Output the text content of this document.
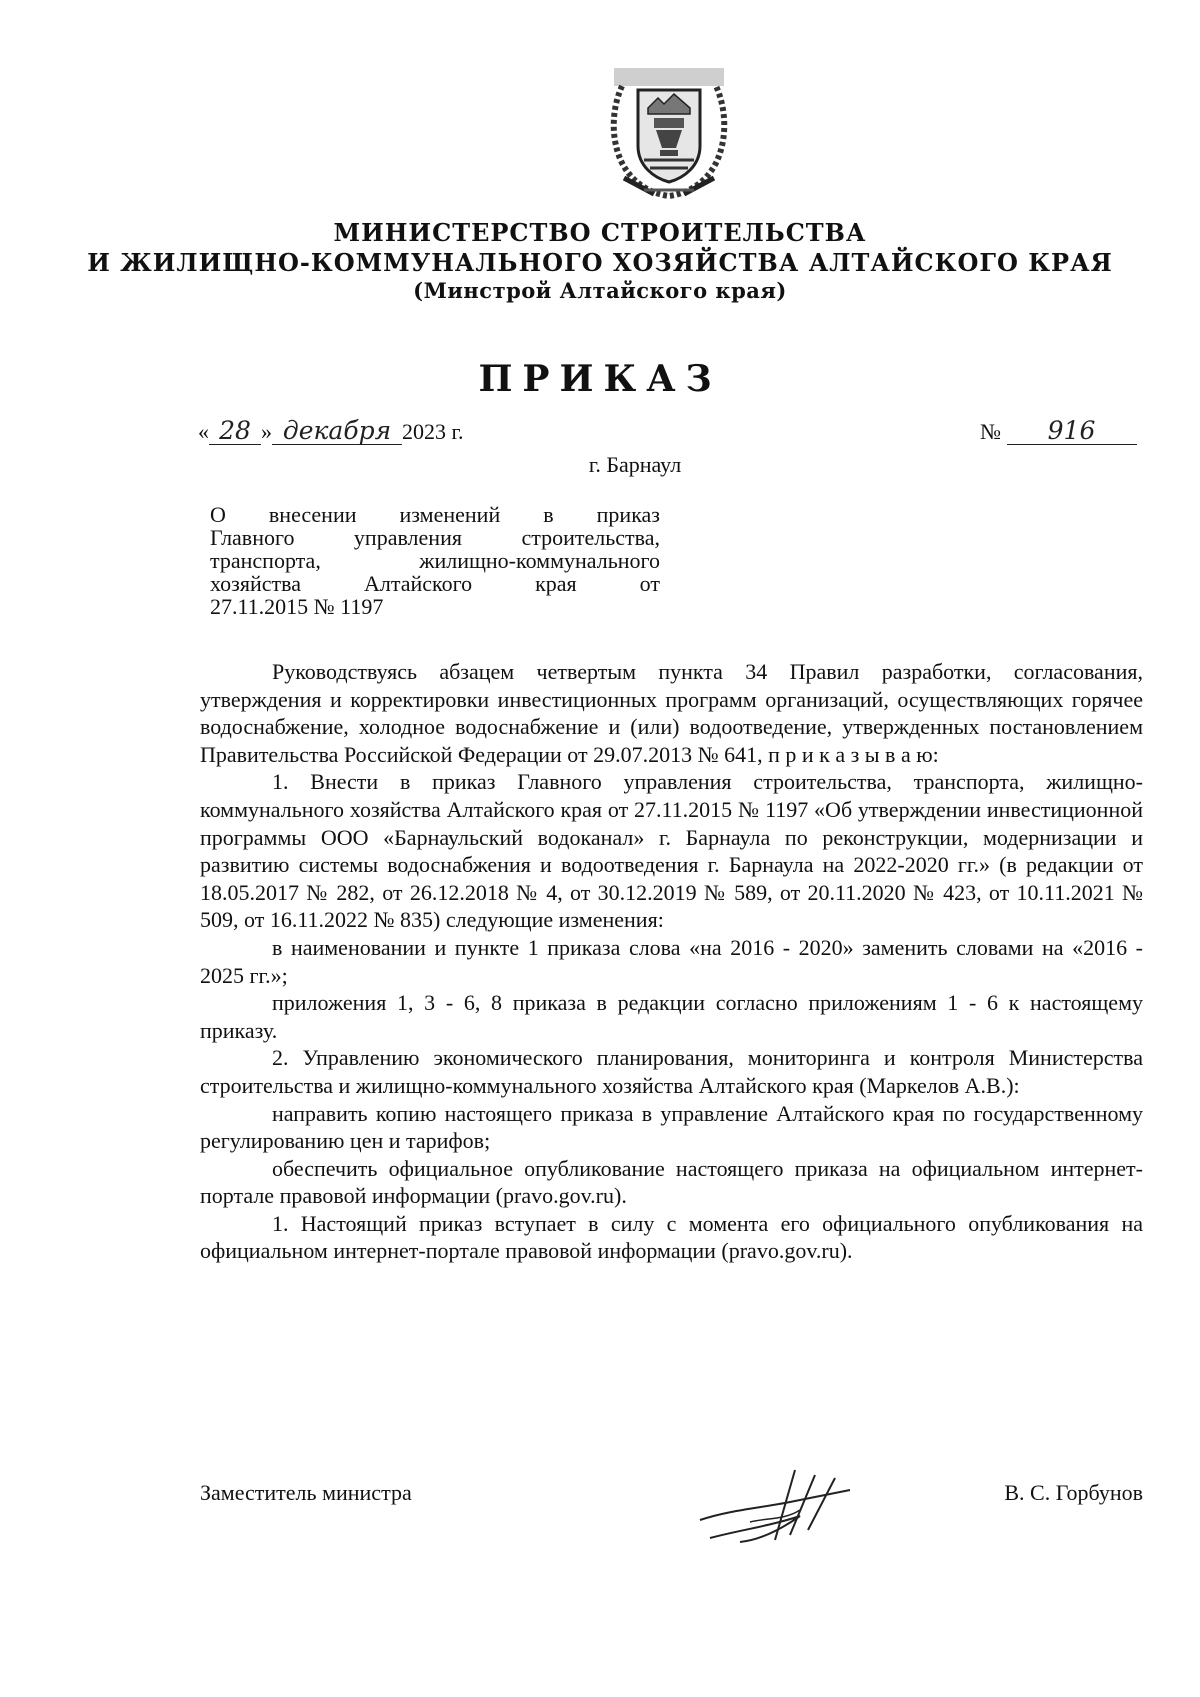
МИНИСТЕРСТВО СТРОИТЕЛЬСТВА
И ЖИЛИЩНО-КОММУНАЛЬНОГО ХОЗЯЙСТВА АЛТАЙСКОГО КРАЯ
(Минстрой Алтайского края)
ПРИКАЗ
« 28 » декабря 2023 г.	№ 916
г. Барнаул

О внесении изменений в приказ

Главного управления строительства,

транспорта, жилищно-коммунального

хозяйства Алтайского края от

27.11.2015 № 1197

Руководствуясь абзацем четвертым пункта 34 Правил разработки, согласования, утверждения и корректировки инвестиционных программ организаций, осуществляющих горячее водоснабжение, холодное водоснабжение и (или) водоотведение, утвержденных постановлением Правительства Российской Федерации от 29.07.2013 № 641, п р и к а з ы в а ю:

1. Внести в приказ Главного управления строительства, транспорта, жилищно-коммунального хозяйства Алтайского края от 27.11.2015 № 1197 «Об утверждении инвестиционной программы ООО «Барнаульский водоканал» г. Барнаула по реконструкции, модернизации и развитию системы водоснабжения и водоотведения г. Барнаула на 2022-2020 гг.» (в редакции от 18.05.2017 № 282, от 26.12.2018 № 4, от 30.12.2019 № 589, от 20.11.2020 № 423, от 10.11.2021 № 509, от 16.11.2022 № 835) следующие изменения:

в наименовании и пункте 1 приказа слова «на 2016 - 2020» заменить словами на «2016 - 2025 гг.»;

приложения 1, 3 - 6, 8 приказа в редакции согласно приложениям 1 - 6 к настоящему приказу.

2. Управлению экономического планирования, мониторинга и контроля Министерства строительства и жилищно-коммунального хозяйства Алтайского края (Маркелов А.В.):

направить копию настоящего приказа в управление Алтайского края по государственному регулированию цен и тарифов;

обеспечить официальное опубликование настоящего приказа на официальном интернет-портале правовой информации (pravo.gov.ru).

1. Настоящий приказ вступает в силу с момента его официального опубликования на официальном интернет-портале правовой информации (pravo.gov.ru).

Заместитель министра	В. С. Горбунов
